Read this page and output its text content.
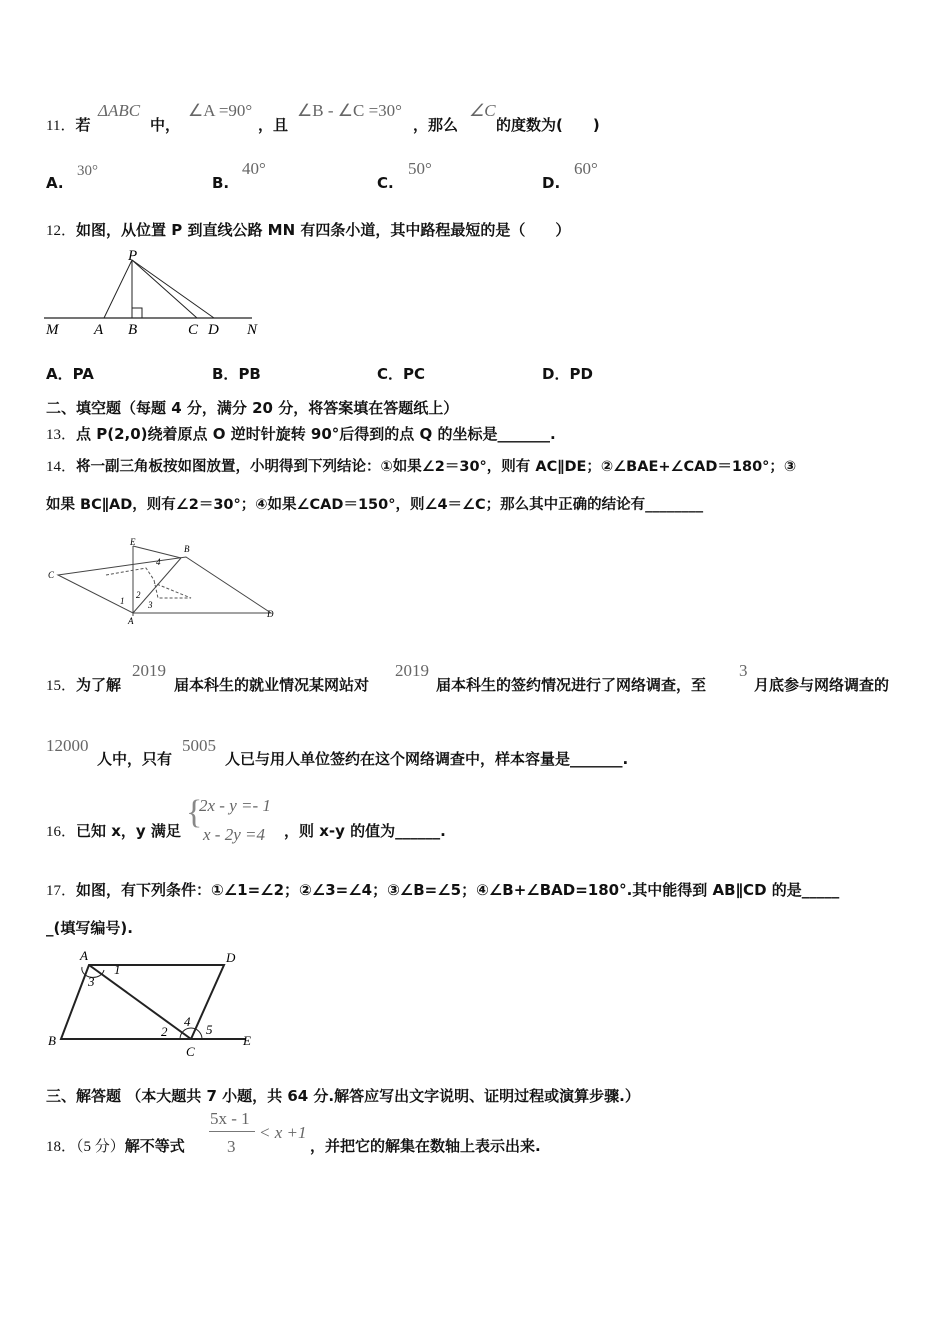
11．若
ΔABC
中，
∠A =90°
，且
∠B - ∠C =30°
，那么
∠C
的度数为(　　)
A.
30°
B.
40°
C.
50°
D.
60°
12．如图，从位置 P 到直线公路 MN 有四条小道，其中路程最短的是（　　）
P
M A B	C D N
A．PA	B．PB	C．PC	D．PD
二、填空题（每题 4 分，满分 20 分，将答案填在答题纸上）
13．点 P(2,0)绕着原点 O 逆时针旋转 90°后得到的点 Q 的坐标是_______.
14．将一副三角板按如图放置，小明得到下列结论：①如果∠2＝30°，则有 AC∥DE；②∠BAE+∠CAD＝180°；③
如果 BC∥AD，则有∠2＝30°；④如果∠CAD＝150°，则∠4＝∠C；那么其中正确的结论有________
E
B
C
D
A
1
2
3
4
15．为了解
2019
届本科生的就业情况某网站对
2019
届本科生的签约情况进行了网络调查，至
3
月底参与网络调查的
12000
人中，只有
5005
人已与用人单位签约在这个网络调查中，样本容量是_______.
16．已知 x，y 满足 {
2x - y =- 1
x - 2y =4 ，则 x-y 的值为______.
17．如图，有下列条件：①∠1=∠2；②∠3=∠4；③∠B=∠5；④∠B+∠BAD=180°.其中能得到 AB∥CD 的是_____
_(填写编号).
A	D
B
C
E
1
2
3
4
5
三、解答题 （本大题共 7 小题，共 64 分.解答应写出文字说明、证明过程或演算步骤.）
18．（5 分）解不等式
5x - 1
3
< x +1
，并把它的解集在数轴上表示出来.
